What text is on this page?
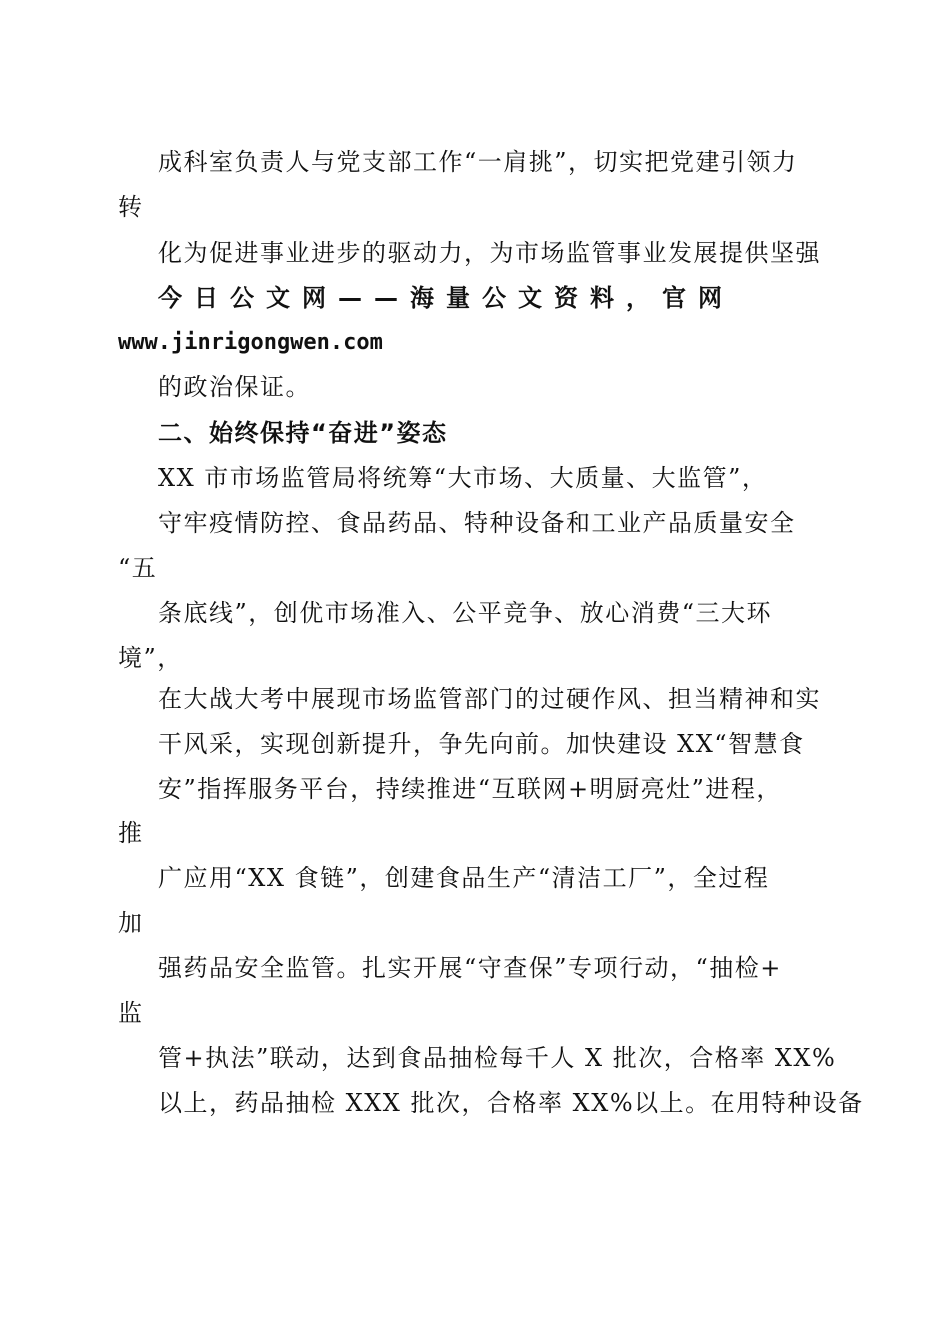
成科室负责人与党支部工作“一肩挑”，切实把党建引领力
转
化为促进事业进步的驱动力，为市场监管事业发展提供坚强
今日公文网——海量公文资料，官网
www.jinrigongwen.com
的政治保证。
二、始终保持“奋进”姿态
XX 市市场监管局将统筹“大市场、大质量、大监管”，
守牢疫情防控、食品药品、特种设备和工业产品质量安全
“五
条底线”，创优市场准入、公平竞争、放心消费“三大环
境”，
在大战大考中展现市场监管部门的过硬作风、担当精神和实
干风采，实现创新提升，争先向前。加快建设 XX“智慧食
安”指挥服务平台，持续推进“互联网+明厨亮灶”进程，
推
广应用“XX 食链”，创建食品生产“清洁工厂”，全过程
加
强药品安全监管。扎实开展“守查保”专项行动，“抽检+
监
管+执法”联动，达到食品抽检每千人 X 批次，合格率 XX%
以上，药品抽检 XXX 批次，合格率 XX%以上。在用特种设备
